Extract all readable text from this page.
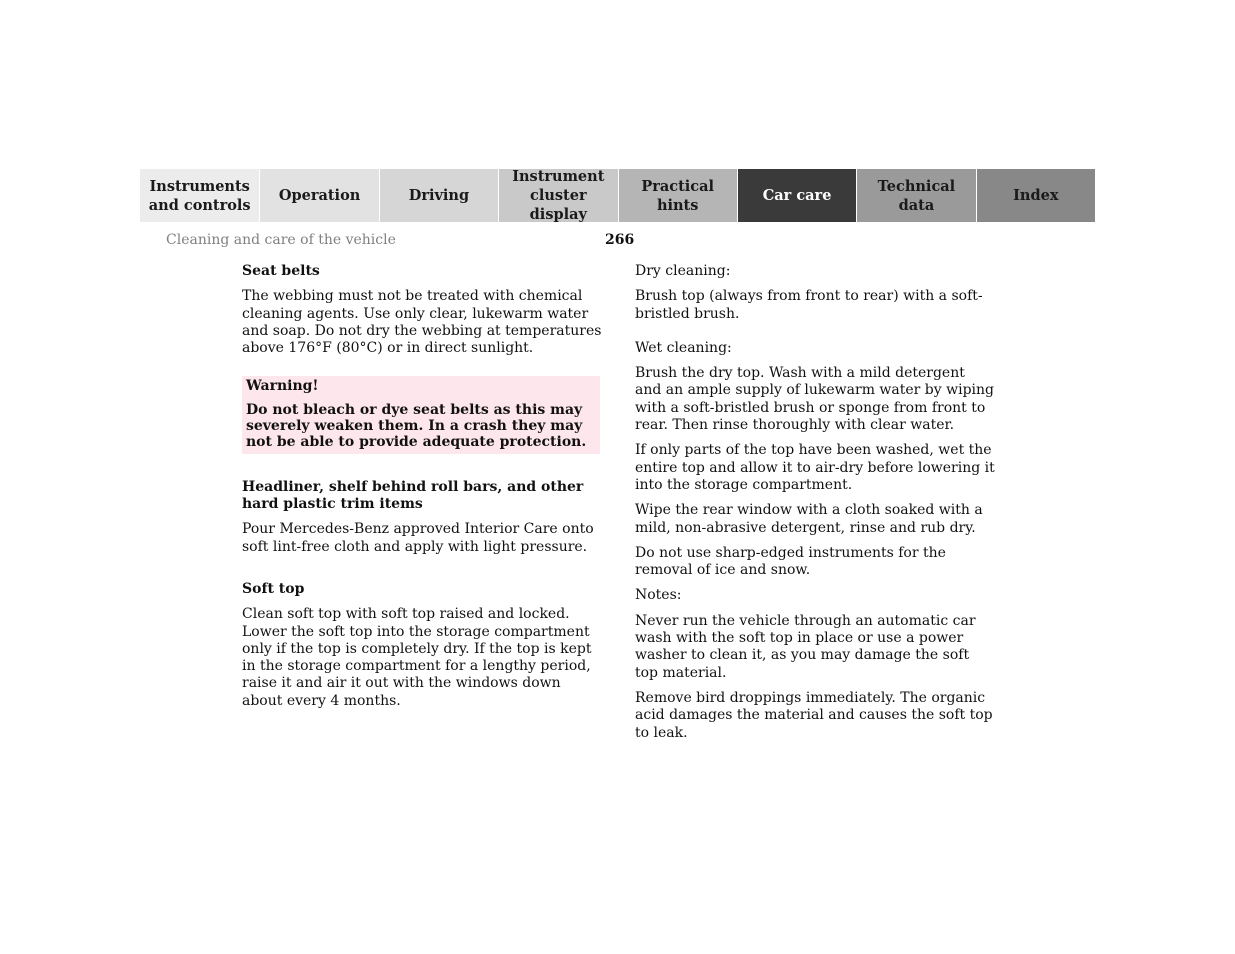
Instruments
and controls
Operation	Driving
Instrument
cluster display
Practical hints
Car care
Technical
data
Index
Cleaning and care of the vehicle	266

Seat belts

The webbing must not be treated with chemical cleaning agents. Use only clear, lukewarm water and soap. Do not dry the webbing at temperatures above 176°F (80°C) or in direct sunlight.

Warning!

Do not bleach or dye seat belts as this may severely weaken them. In a crash they may not be able to provide adequate protection.

Headliner, shelf behind roll bars, and other hard plastic trim items

Pour Mercedes-Benz approved Interior Care onto soft lint-free cloth and apply with light pressure.

Soft top

Clean soft top with soft top raised and locked. Lower the soft top into the storage compartment only if the top is completely dry. If the top is kept in the storage compartment for a lengthy period, raise it and air it out with the windows down about every 4 months.

Dry cleaning:

Brush top (always from front to rear) with a soft-bristled brush.

Wet cleaning:

Brush the dry top. Wash with a mild detergent and an ample supply of lukewarm water by wiping with a soft-bristled brush or sponge from front to rear. Then rinse thoroughly with clear water.

If only parts of the top have been washed, wet the entire top and allow it to air-dry before lowering it into the storage compartment.

Wipe the rear window with a cloth soaked with a mild, non-abrasive detergent, rinse and rub dry.

Do not use sharp-edged instruments for the removal of ice and snow.

Notes:

Never run the vehicle through an automatic car wash with the soft top in place or use a power washer to clean it, as you may damage the soft top material.

Remove bird droppings immediately. The organic acid damages the material and causes the soft top to leak.
